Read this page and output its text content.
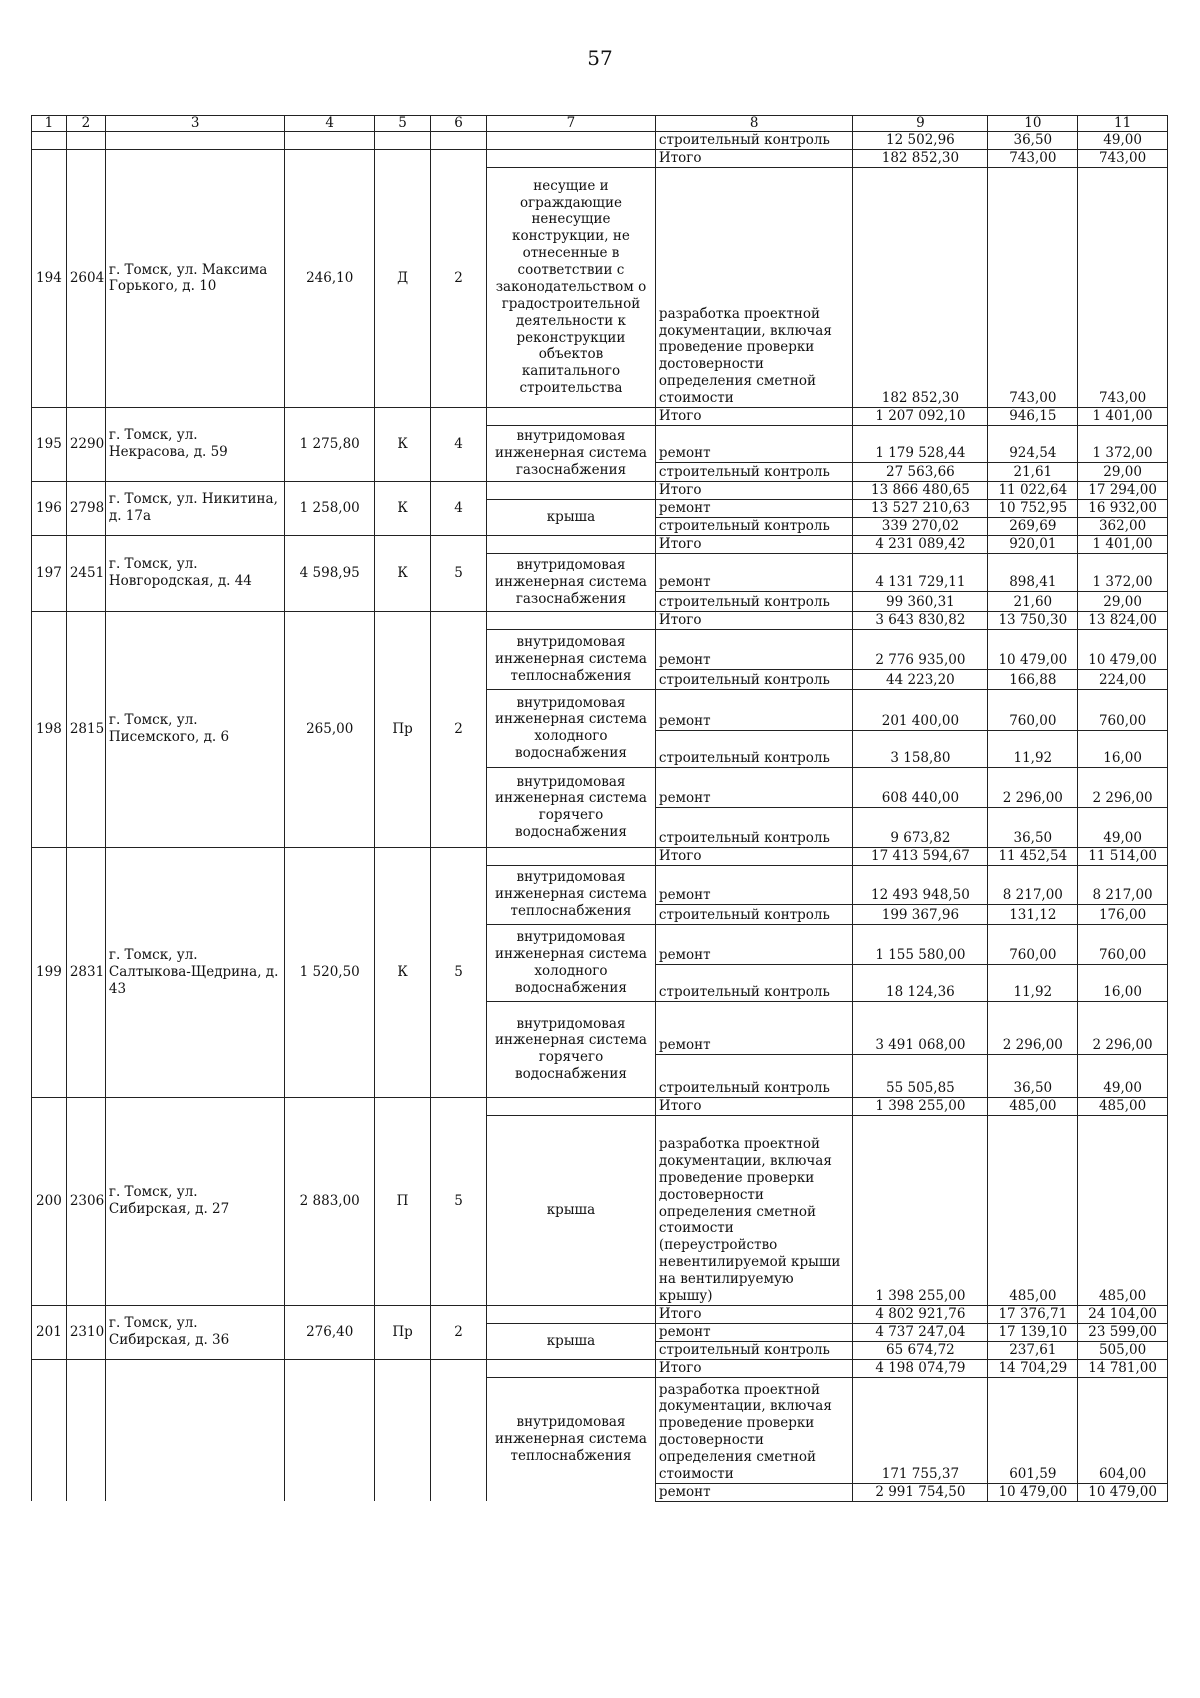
57
1	2	3	4	5	6	7	8	9	10	11
							строительный контроль	12 502,96	36,50	49,00
194	2604	г. Томск, ул. Максима Горького, д. 10	246,10	Д	2		Итого	182 852,30	743,00	743,00
						несущие и ограждающие ненесущие конструкции, не отнесенные в соответствии с законодательством о градостроительной деятельности к реконструкции объектов капитального строительства	разработка проектной документации, включая проведение проверки достоверности определения сметной стоимости	182 852,30	743,00	743,00
195	2290	г. Томск, ул. Некрасова, д. 59	1 275,80	К	4		Итого	1 207 092,10	946,15	1 401,00
						внутридомовая инженерная система газоснабжения	ремонт	1 179 528,44	924,54	1 372,00
							строительный контроль	27 563,66	21,61	29,00
196	2798	г. Томск, ул. Никитина, д. 17а	1 258,00	К	4		Итого	13 866 480,65	11 022,64	17 294,00
						крыша	ремонт	13 527 210,63	10 752,95	16 932,00
							строительный контроль	339 270,02	269,69	362,00
197	2451	г. Томск, ул. Новгородская, д. 44	4 598,95	К	5		Итого	4 231 089,42	920,01	1 401,00
						внутридомовая инженерная система газоснабжения	ремонт	4 131 729,11	898,41	1 372,00
							строительный контроль	99 360,31	21,60	29,00
198	2815	г. Томск, ул. Писемского, д. 6	265,00	Пр	2		Итого	3 643 830,82	13 750,30	13 824,00
						внутридомовая инженерная система теплоснабжения	ремонт	2 776 935,00	10 479,00	10 479,00
							строительный контроль	44 223,20	166,88	224,00
						внутридомовая инженерная система холодного водоснабжения	ремонт	201 400,00	760,00	760,00
							строительный контроль	3 158,80	11,92	16,00
						внутридомовая инженерная система горячего водоснабжения	ремонт	608 440,00	2 296,00	2 296,00
							строительный контроль	9 673,82	36,50	49,00
199	2831	г. Томск, ул. Салтыкова-Щедрина, д. 43	1 520,50	К	5		Итого	17 413 594,67	11 452,54	11 514,00
						внутридомовая инженерная система теплоснабжения	ремонт	12 493 948,50	8 217,00	8 217,00
							строительный контроль	199 367,96	131,12	176,00
						внутридомовая инженерная система холодного водоснабжения	ремонт	1 155 580,00	760,00	760,00
							строительный контроль	18 124,36	11,92	16,00
						внутридомовая инженерная система горячего водоснабжения	ремонт	3 491 068,00	2 296,00	2 296,00
							строительный контроль	55 505,85	36,50	49,00
200	2306	г. Томск, ул. Сибирская, д. 27	2 883,00	П	5		Итого	1 398 255,00	485,00	485,00
						крыша	разработка проектной документации, включая проведение проверки достоверности определения сметной стоимости (переустройство невентилируемой крыши на вентилируемую крышу)	1 398 255,00	485,00	485,00
201	2310	г. Томск, ул. Сибирская, д. 36	276,40	Пр	2		Итого	4 802 921,76	17 376,71	24 104,00
						крыша	ремонт	4 737 247,04	17 139,10	23 599,00
							строительный контроль	65 674,72	237,61	505,00
							Итого	4 198 074,79	14 704,29	14 781,00
						внутридомовая инженерная система теплоснабжения	разработка проектной документации, включая проведение проверки достоверности определения сметной стоимости	171 755,37	601,59	604,00
							ремонт	2 991 754,50	10 479,00	10 479,00
